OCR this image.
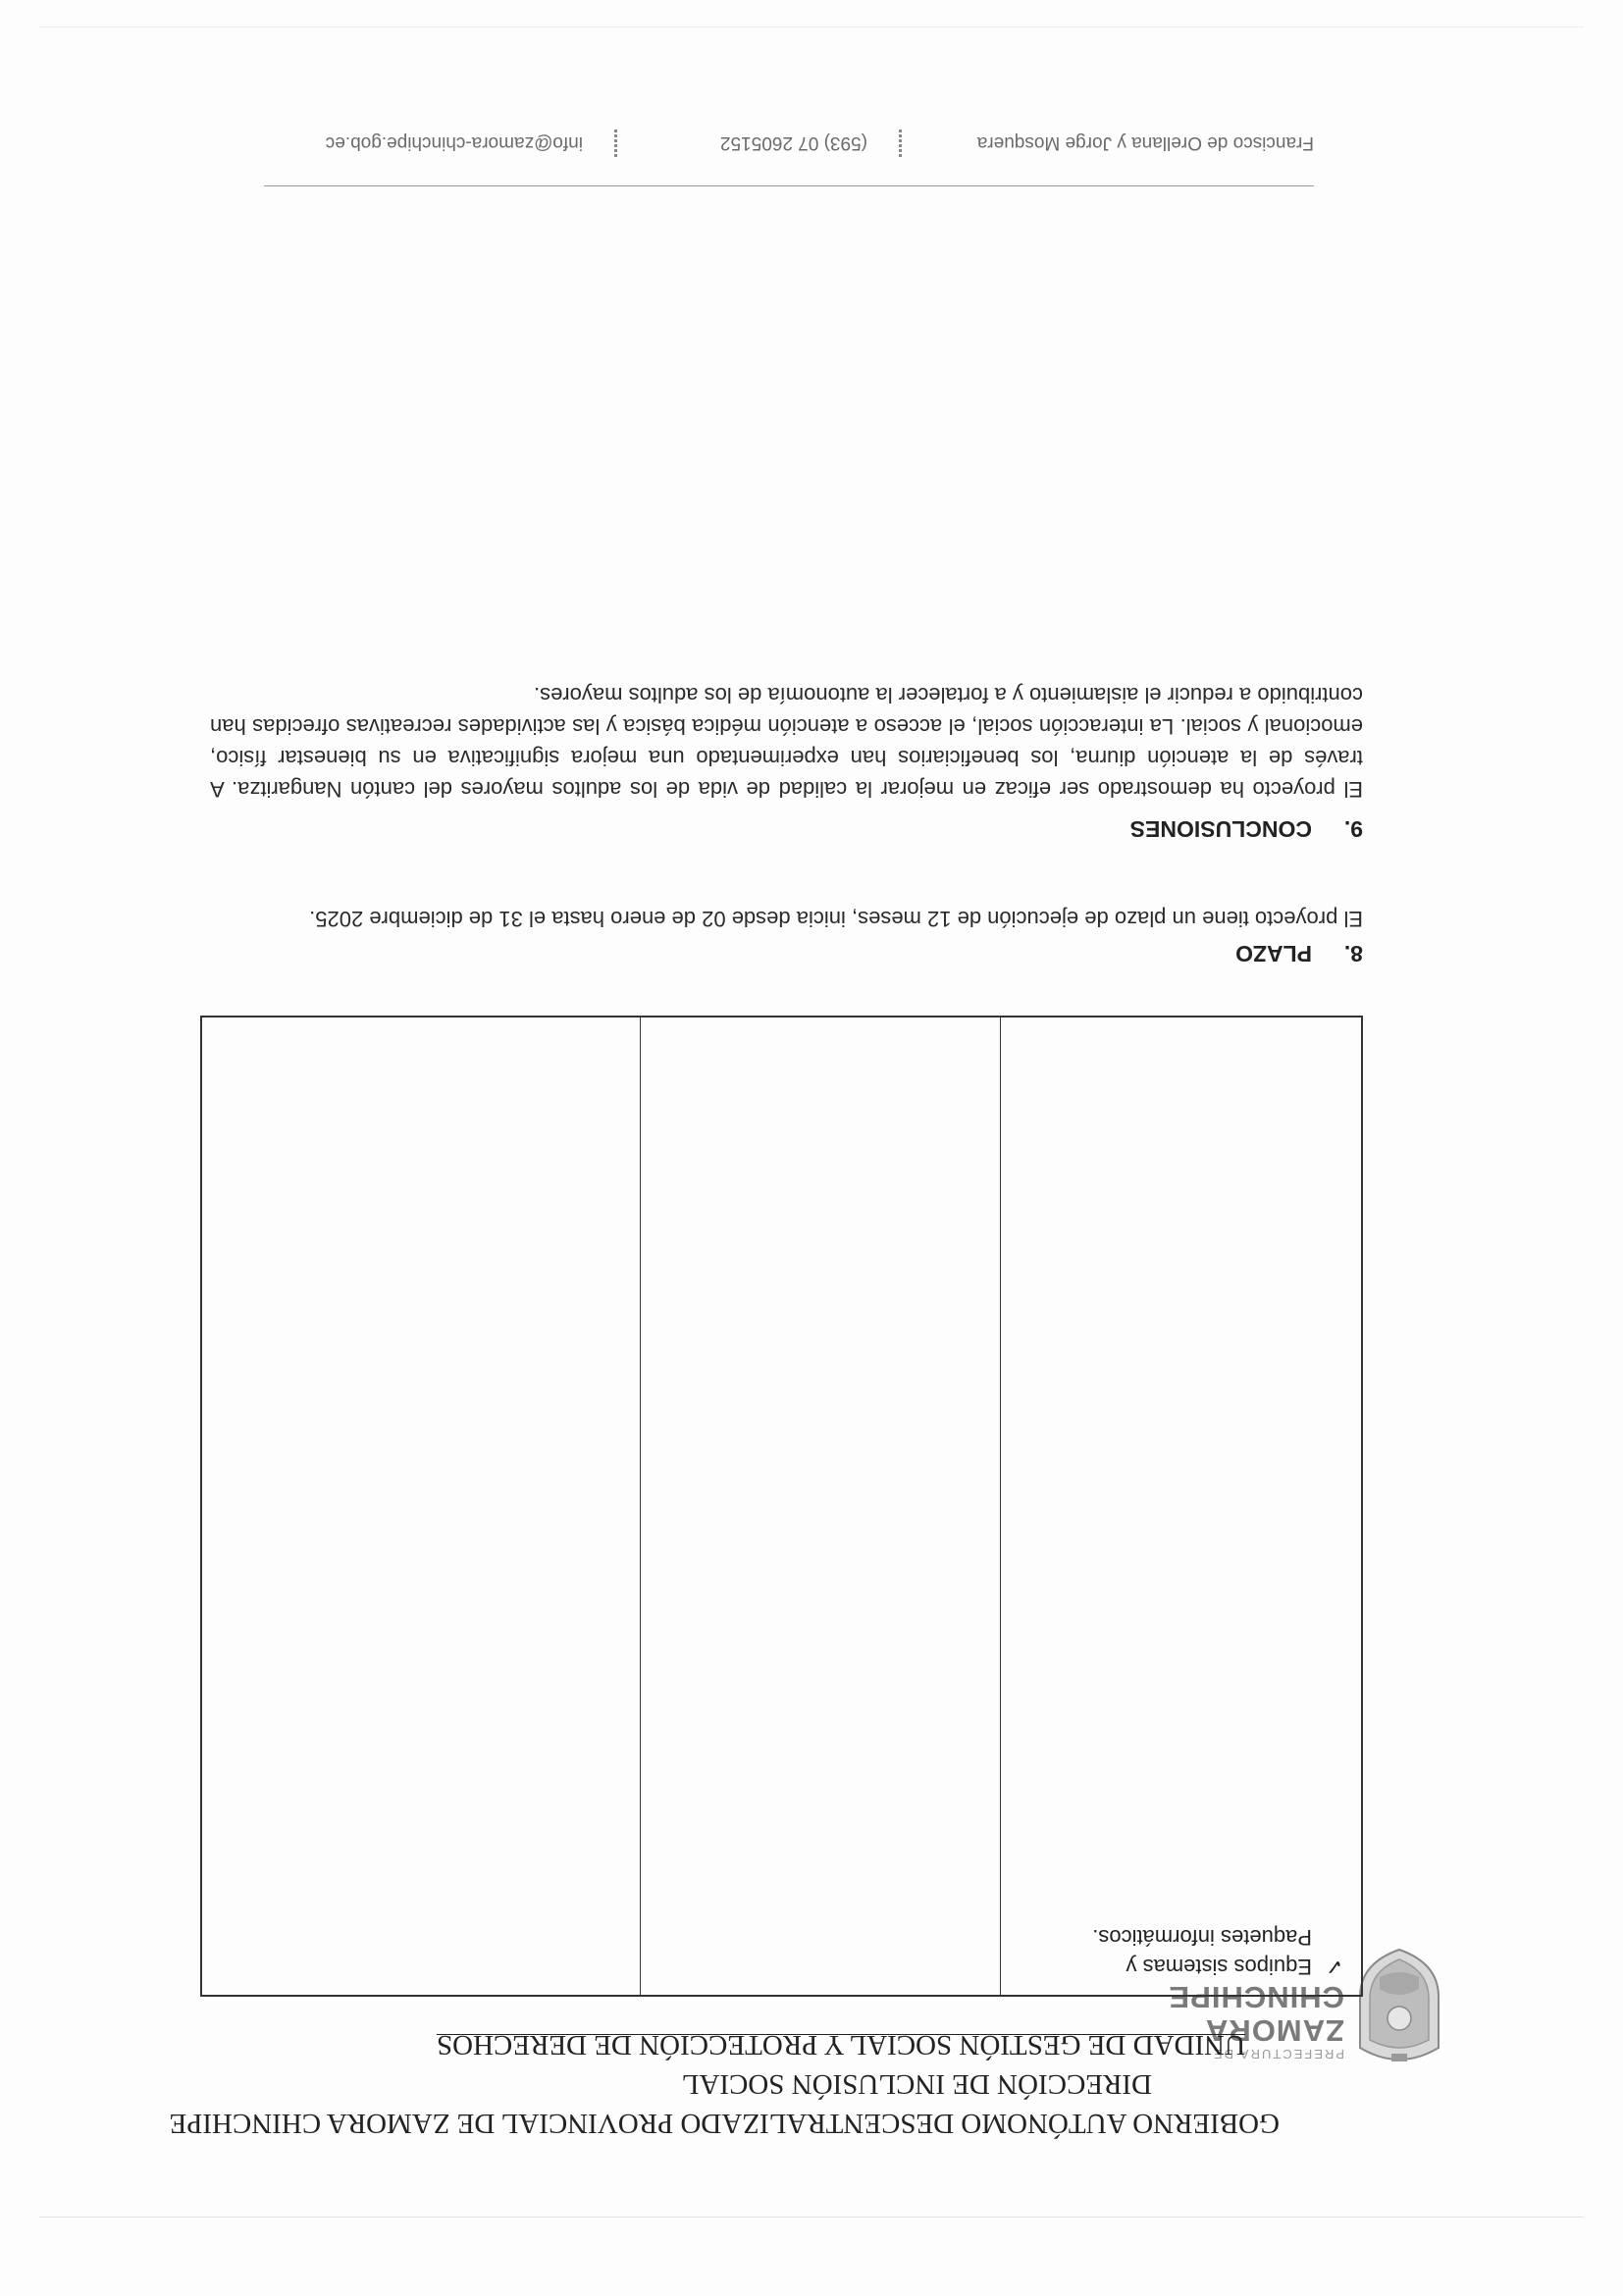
PREFECTURA DE
ZAMORA
CHINCHIPE
GOBIERNO AUTÓNOMO DESCENTRALIZADO PROVINCIAL DE ZAMORA CHINCHIPE
DIRECCIÓN DE INCLUSIÓN SOCIAL
UNIDAD DE GESTIÓN SOCIAL Y PROTECCIÓN DE DERECHOS
✓Equipos sistemas y
Paquetes informáticos.
8.PLAZO
El proyecto tiene un plazo de ejecución de 12 meses, inicia desde 02 de enero hasta el 31 de diciembre 2025.
9.CONCLUSIONES
El proyecto ha demostrado ser eficaz en mejorar la calidad de vida de los adultos mayores del cantón Nangaritza. A través de la atención diurna, los beneficiarios han experimentado una mejora significativa en su bienestar físico, emocional y social. La interacción social, el acceso a atención médica básica y las actividades recreativas ofrecidas han contribuido a reducir el aislamiento y a fortalecer la autonomía de los adultos mayores.
Francisco de Orellana y Jorge Mosquera
(593) 07 2605152
info@zamora-chinchipe.gob.ec
